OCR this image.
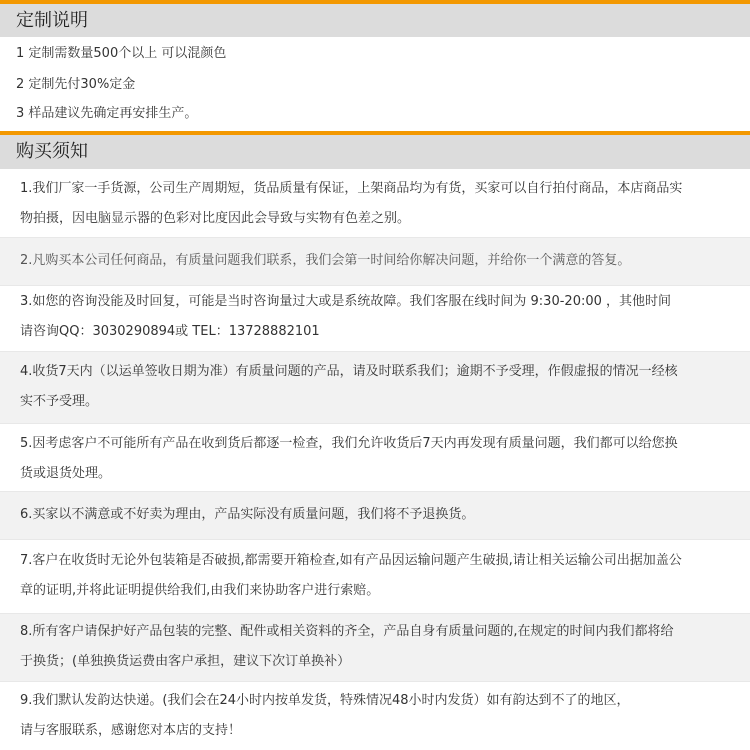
定制说明
1 定制需数量500个以上 可以混颜色
2 定制先付30%定金
3 样品建议先确定再安排生产。
购买须知
1.我们厂家一手货源，公司生产周期短，货品质量有保证，上架商品均为有货，买家可以自行拍付商品，本店商品实
物拍摄，因电脑显示器的色彩对比度因此会导致与实物有色差之别。
2.凡购买本公司任何商品，有质量问题我们联系，我们会第一时间给你解决问题，并给你一个满意的答复。
3.如您的咨询没能及时回复，可能是当时咨询量过大或是系统故障。我们客服在线时间为 9:30-20:00 ，其他时间
请咨询QQ：3030290894或 TEL：13728882101
4.收货7天内（以运单签收日期为准）有质量问题的产品，请及时联系我们；逾期不予受理，作假虚报的情况一经核
实不予受理。
5.因考虑客户不可能所有产品在收到货后都逐一检查，我们允许收货后7天内再发现有质量问题，我们都可以给您换
货或退货处理。
6.买家以不满意或不好卖为理由，产品实际没有质量问题，我们将不予退换货。
7.客户在收货时无论外包装箱是否破损,都需要开箱检查,如有产品因运输问题产生破损,请让相关运输公司出据加盖公
章的证明,并将此证明提供给我们,由我们来协助客户进行索赔。
8.所有客户请保护好产品包装的完整、配件或相关资料的齐全，产品自身有质量问题的,在规定的时间内我们都将给
于换货；(单独换货运费由客户承担，建议下次订单换补）
9.我们默认发韵达快递。(我们会在24小时内按单发货，特殊情况48小时内发货）如有韵达到不了的地区，
请与客服联系，感谢您对本店的支持！
